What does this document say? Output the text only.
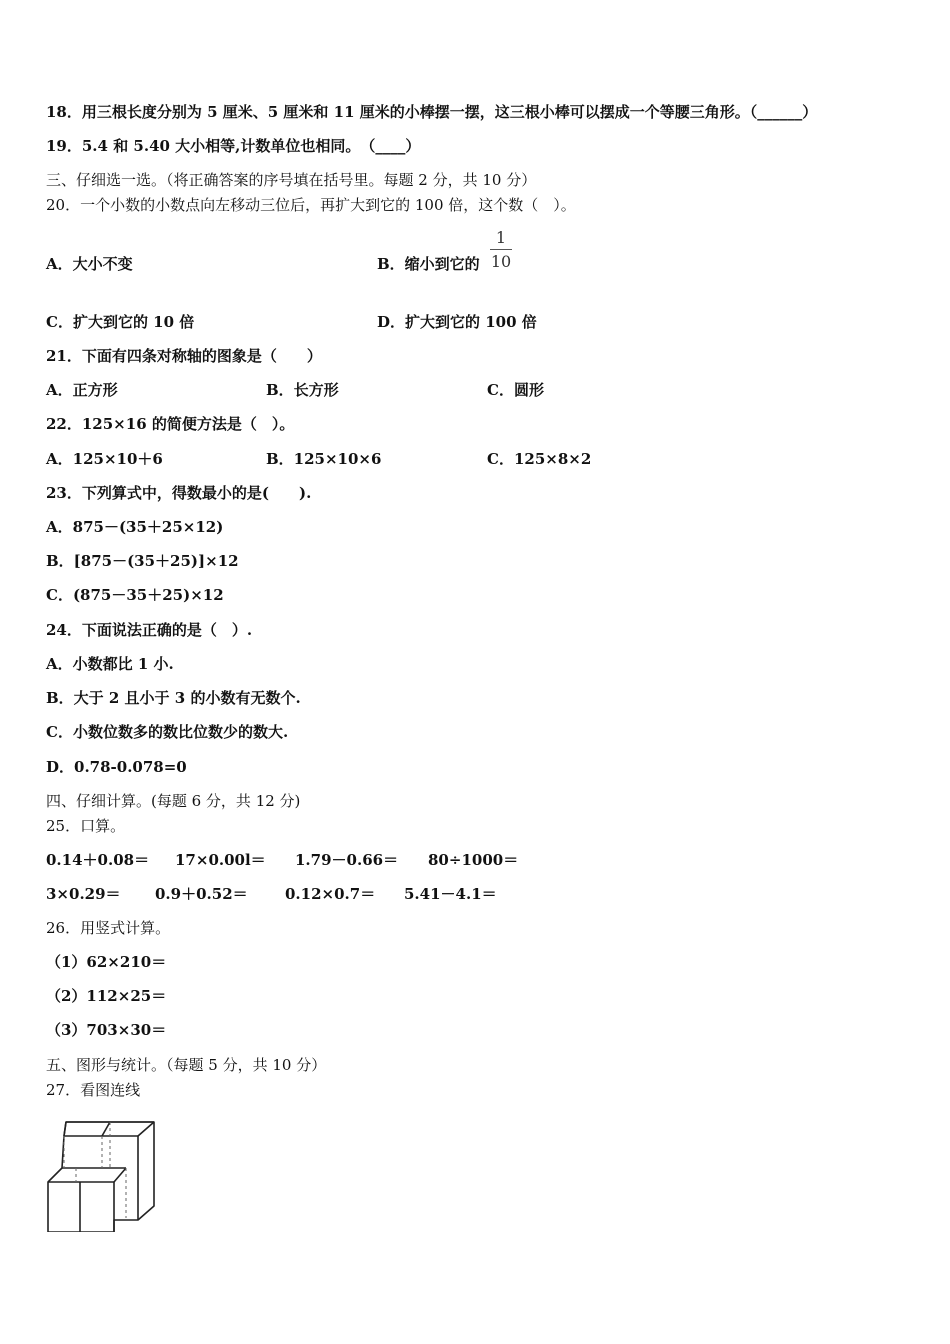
18．用三根长度分别为 5 厘米、5 厘米和 11 厘米的小棒摆一摆，这三根小棒可以摆成一个等腰三角形。（______）
19．5.4 和 5.40 大小相等,计数单位也相同。　（____）
三、仔细选一选。（将正确答案的序号填在括号里。每题 2 分，共 10 分）
20．一个小数的小数点向左移动三位后，再扩大到它的 100 倍，这个数（　）。
A．大小不变	B．缩小到它的
1
10
C．扩大到它的 10 倍	D．扩大到它的 100 倍
21．下面有四条对称轴的图象是（　　）
A．正方形	B．长方形	C．圆形
22．125×16 的简便方法是（　）。
A．125×10＋6	B．125×10×6	C．125×8×2
23．下列算式中，得数最小的是(　　).
A．875－(35＋25×12)
B．[875－(35＋25)]×12
C．(875－35＋25)×12
24．下面说法正确的是（　）.
A．小数都比 1 小.
B．大于 2 且小于 3 的小数有无数个.
C．小数位数多的数比位数少的数大.
D．0.78-0.078=0
四、仔细计算。(每题 6 分，共 12 分)
25．口算。
0.14＋0.08＝ 17×0.00l＝ 1.79－0.66＝ 80÷1000＝
3×0.29＝ 0.9＋0.52＝ 0.12×0.7＝ 5.41－4.1＝
26．用竖式计算。
（1）62×210＝
（2）112×25＝
（3）703×30＝
五、图形与统计。（每题 5 分，共 10 分）
27．看图连线
